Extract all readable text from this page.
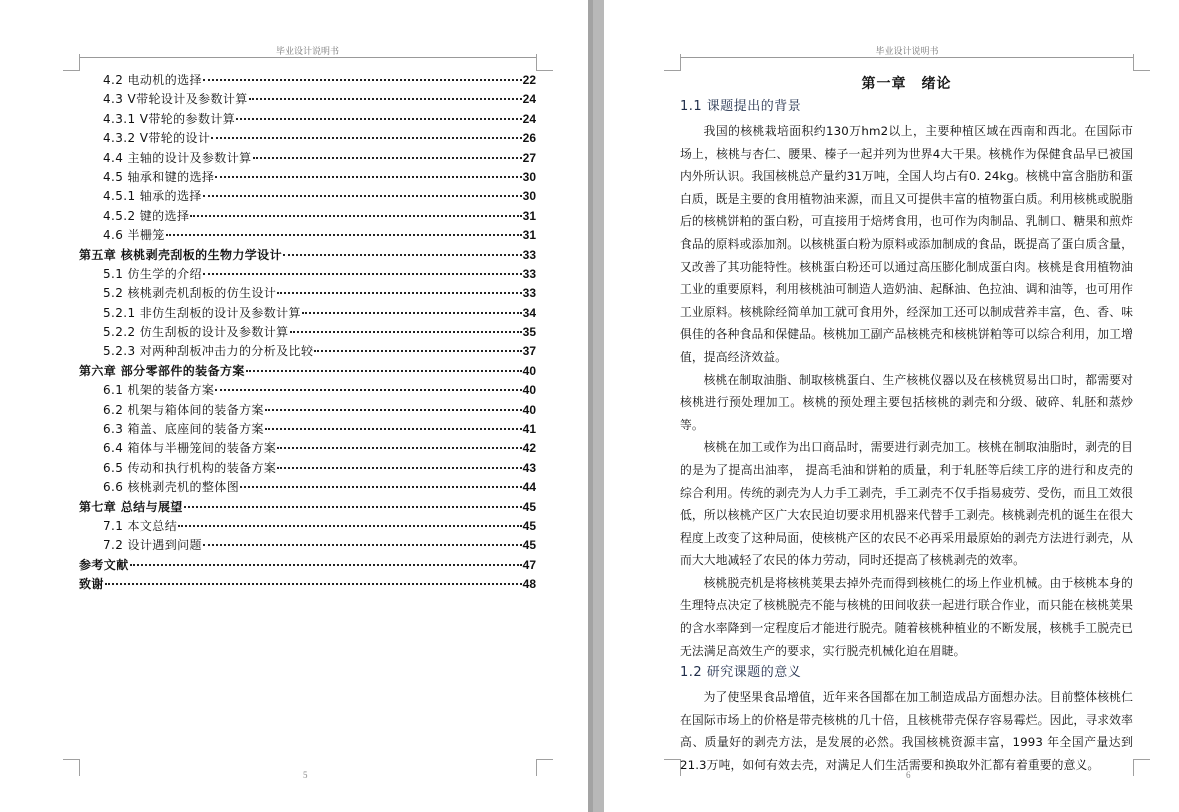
毕业设计说明书
4.2 电动机的选择	22
4.3 V带轮设计及参数计算	24
4.3.1 V带轮的参数计算	24
4.3.2 V带轮的设计	26
4.4 主轴的设计及参数计算	27
4.5 轴承和键的选择	30
4.5.1 轴承的选择	30
4.5.2 键的选择	31
4.6 半栅笼	31
第五章 核桃剥壳刮板的生物力学设计	33
5.1 仿生学的介绍	33
5.2 核桃剥壳机刮板的仿生设计	33
5.2.1 非仿生刮板的设计及参数计算	34
5.2.2 仿生刮板的设计及参数计算	35
5.2.3 对两种刮板冲击力的分析及比较	37
第六章 部分零部件的装备方案	40
6.1 机架的装备方案	40
6.2 机架与箱体间的装备方案	40
6.3 箱盖、底座间的装备方案	41
6.4 箱体与半栅笼间的装备方案	42
6.5 传动和执行机构的装备方案	43
6.6 核桃剥壳机的整体图	44
第七章 总结与展望	45
7.1 本文总结	45
7.2 设计遇到问题	45
参考文献	47
致谢	48
5
毕业设计说明书
第一章　绪论
1.1 课题提出的背景

我国的核桃栽培面积约130万hm2以上，主要种植区域在西南和西北。在国际市场上，核桃与杏仁、腰果、榛子一起并列为世界4大干果。核桃作为保健食品早已被国内外所认识。我国核桃总产量约31万吨，全国人均占有0. 24kg。核桃中富含脂肪和蛋白质，既是主要的食用植物油来源，而且又可提供丰富的植物蛋白质。利用核桃或脱脂后的核桃饼粕的蛋白粉，可直接用于焙烤食用，也可作为肉制品、乳制口、糖果和煎炸食品的原料或添加剂。以核桃蛋白粉为原料或添加制成的食品，既提高了蛋白质含量，又改善了其功能特性。核桃蛋白粉还可以通过高压膨化制成蛋白肉。核桃是食用植物油工业的重要原料，利用核桃油可制造人造奶油、起酥油、色拉油、调和油等，也可用作工业原料。核桃除经简单加工就可食用外，经深加工还可以制成营养丰富，色、香、味俱佳的各种食品和保健品。核桃加工副产品核桃壳和核桃饼粕等可以综合利用，加工增值，提高经济效益。

核桃在制取油脂、制取核桃蛋白、生产核桃仪器以及在核桃贸易出口时，都需要对核桃进行预处理加工。核桃的预处理主要包括核桃的剥壳和分级、破碎、轧胚和蒸炒等。

核桃在加工或作为出口商品时，需要进行剥壳加工。核桃在制取油脂时，剥壳的目的是为了提高出油率， 提高毛油和饼粕的质量，利于轧胚等后续工序的进行和皮壳的综合利用。传统的剥壳为人力手工剥壳，手工剥壳不仅手指易疲劳、受伤，而且工效很低，所以核桃产区广大农民迫切要求用机器来代替手工剥壳。核桃剥壳机的诞生在很大程度上改变了这种局面，使核桃产区的农民不必再采用最原始的剥壳方法进行剥壳，从而大大地减轻了农民的体力劳动，同时还提高了核桃剥壳的效率。

核桃脱壳机是将核桃荚果去掉外壳而得到核桃仁的场上作业机械。由于核桃本身的生理特点决定了核桃脱壳不能与核桃的田间收获一起进行联合作业，而只能在核桃荚果的含水率降到一定程度后才能进行脱壳。随着核桃种植业的不断发展，核桃手工脱壳已无法满足高效生产的要求，实行脱壳机械化迫在眉睫。

1.2 研究课题的意义

为了使坚果食品增值，近年来各国都在加工制造成品方面想办法。目前整体核桃仁在国际市场上的价格是带壳核桃的几十倍，且核桃带壳保存容易霉烂。因此，寻求效率高、质量好的剥壳方法，是发展的必然。我国核桃资源丰富，1993 年全国产量达到21.3万吨，如何有效去壳，对满足人们生活需要和换取外汇都有着重要的意义。

6
